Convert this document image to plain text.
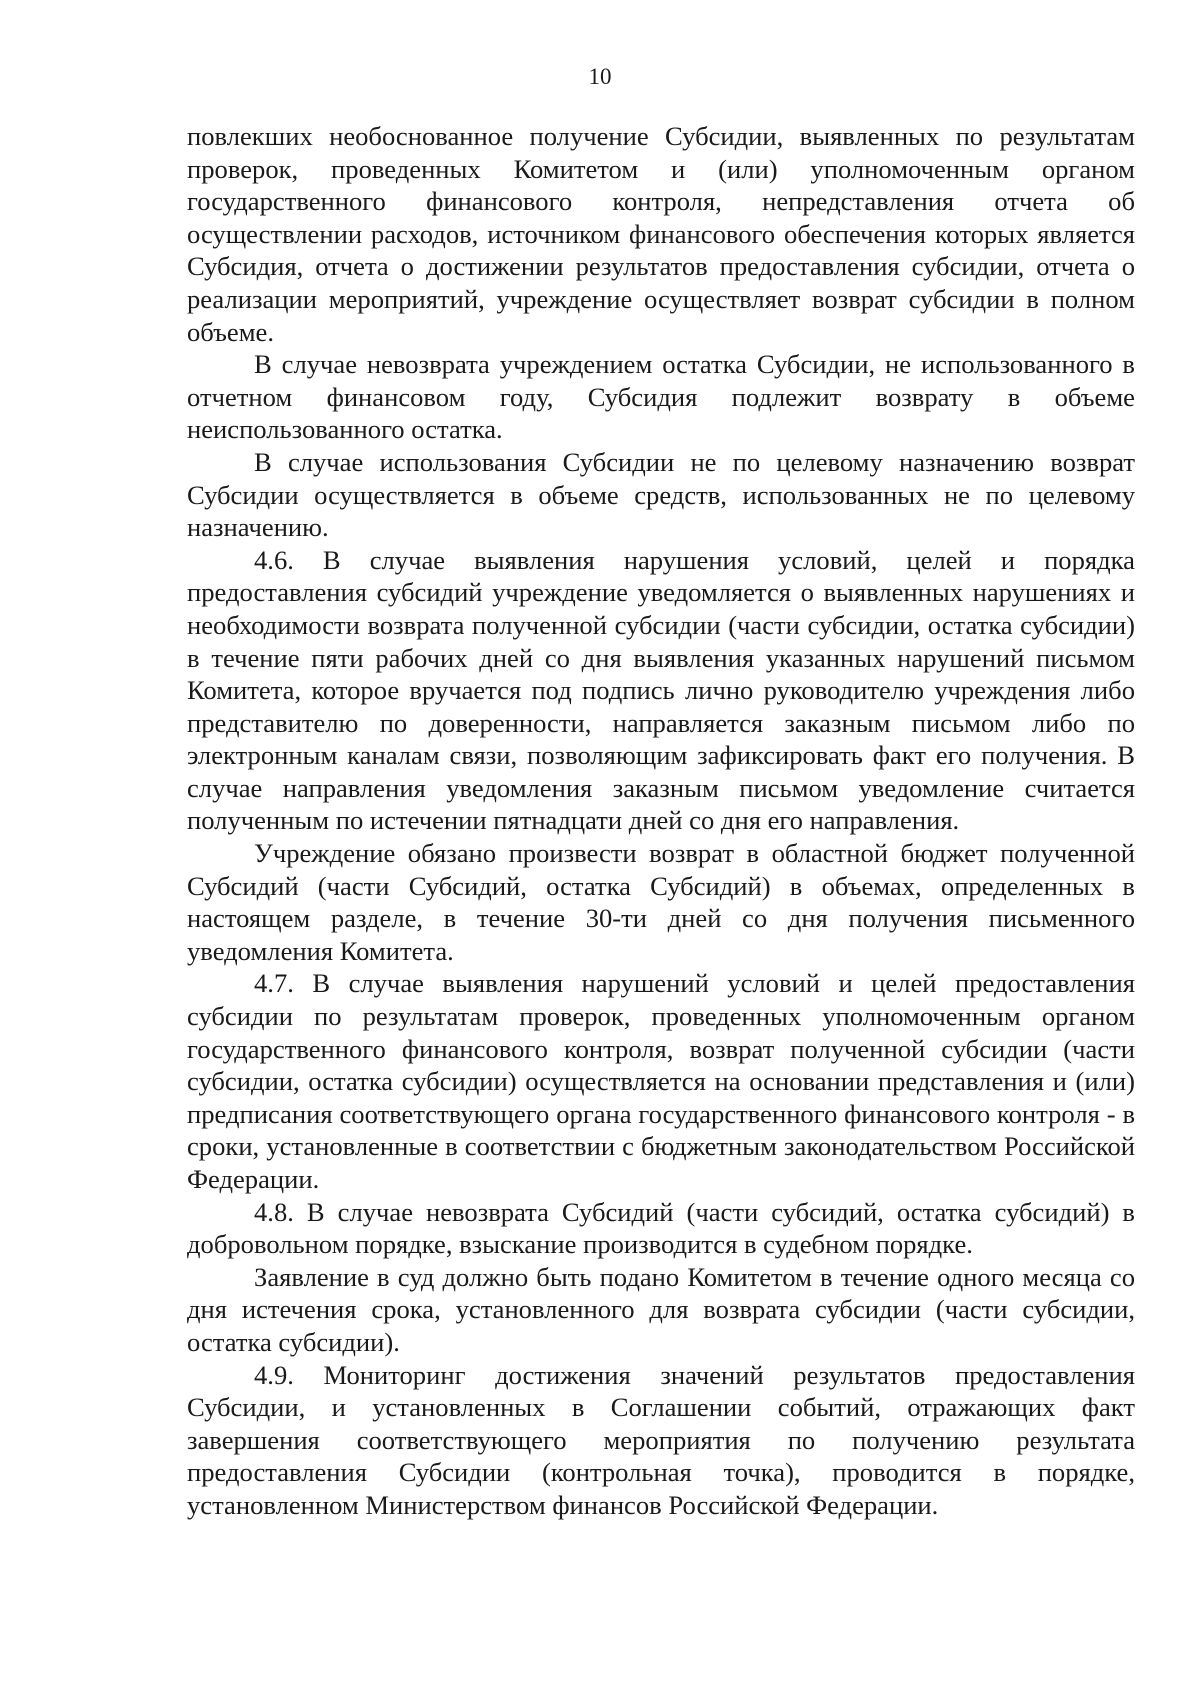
10

повлекших необоснованное получение Субсидии, выявленных по результатам проверок, проведенных Комитетом и (или) уполномоченным органом государственного финансового контроля, непредставления отчета об осуществлении расходов, источником финансового обеспечения которых является Субсидия, отчета о достижении результатов предоставления субсидии, отчета о реализации мероприятий, учреждение осуществляет возврат субсидии в полном объеме.

В случае невозврата учреждением остатка Субсидии, не использованного в отчетном финансовом году, Субсидия подлежит возврату в объеме неиспользованного остатка.

В случае использования Субсидии не по целевому назначению возврат Субсидии осуществляется в объеме средств, использованных не по целевому назначению.

4.6. В случае выявления нарушения условий, целей и порядка предоставления субсидий учреждение уведомляется о выявленных нарушениях и необходимости возврата полученной субсидии (части субсидии, остатка субсидии) в течение пяти рабочих дней со дня выявления указанных нарушений письмом Комитета, которое вручается под подпись лично руководителю учреждения либо представителю по доверенности, направляется заказным письмом либо по электронным каналам связи, позволяющим зафиксировать факт его получения. В случае направления уведомления заказным письмом уведомление считается полученным по истечении пятнадцати дней со дня его направления.

Учреждение обязано произвести возврат в областной бюджет полученной Субсидий (части Субсидий, остатка Субсидий) в объемах, определенных в настоящем разделе, в течение 30-ти дней со дня получения письменного уведомления Комитета.

4.7. В случае выявления нарушений условий и целей предоставления субсидии по результатам проверок, проведенных уполномоченным органом государственного финансового контроля, возврат полученной субсидии (части субсидии, остатка субсидии) осуществляется на основании представления и (или) предписания соответствующего органа государственного финансового контроля - в сроки, установленные в соответствии с бюджетным законодательством Российской Федерации.

4.8. В случае невозврата Субсидий (части субсидий, остатка субсидий) в добровольном порядке, взыскание производится в судебном порядке.

Заявление в суд должно быть подано Комитетом в течение одного месяца со дня истечения срока, установленного для возврата субсидии (части субсидии, остатка субсидии).

4.9. Мониторинг достижения значений результатов предоставления Субсидии, и установленных в Соглашении событий, отражающих факт завершения соответствующего мероприятия по получению результата предоставления Субсидии (контрольная точка), проводится в порядке, установленном Министерством финансов Российской Федерации.
